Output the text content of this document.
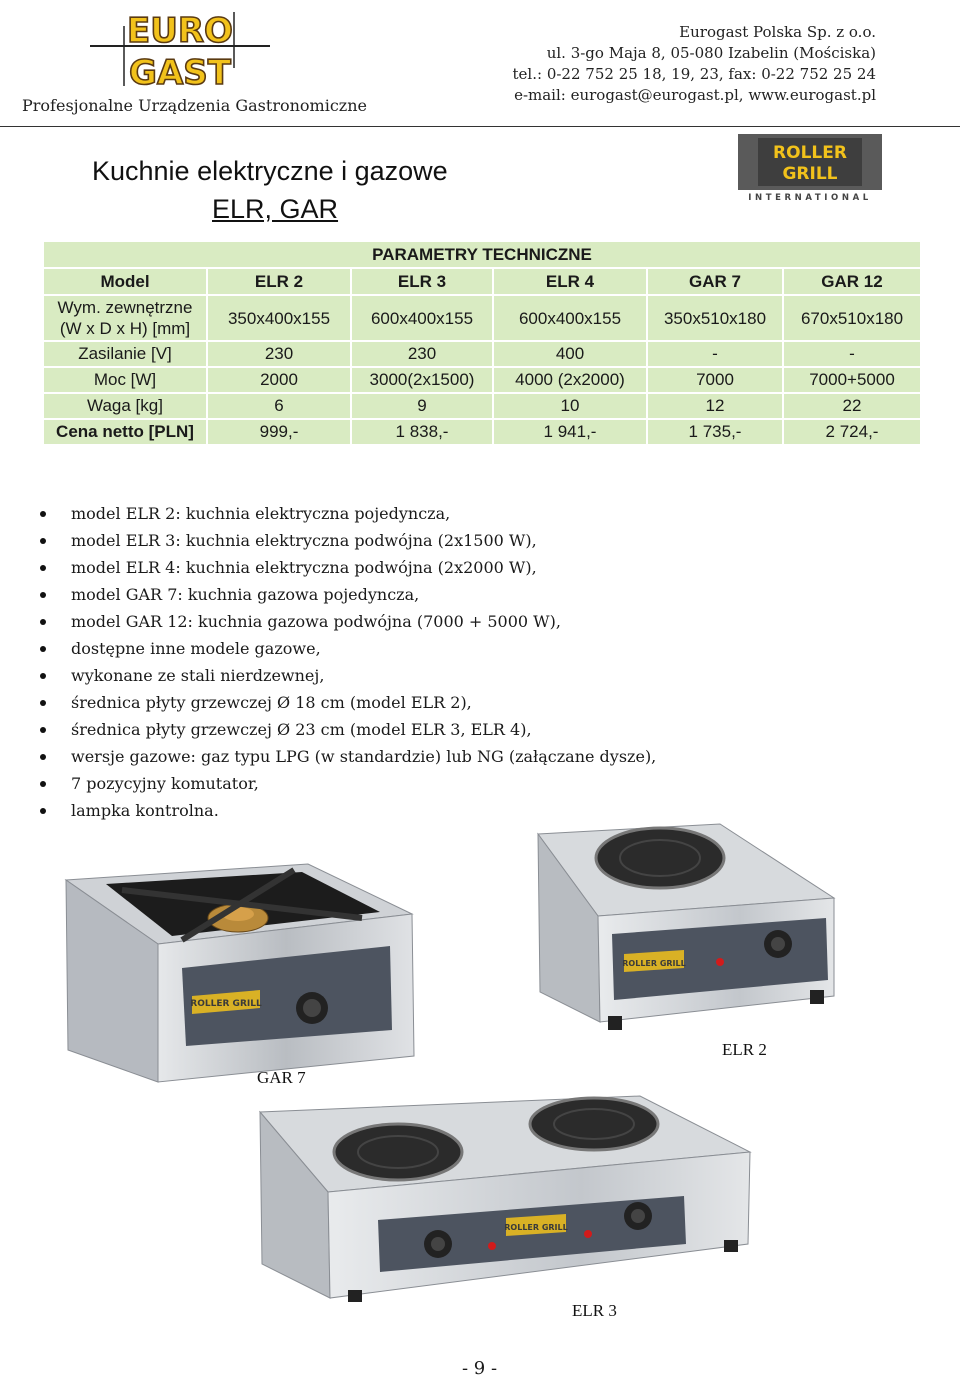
EURO
GAST
Profesjonalne Urządzenia Gastronomiczne
Eurogast Polska Sp. z o.o.
ul. 3-go Maja 8, 05-080 Izabelin (Mościska)
tel.: 0-22 752 25 18, 19, 23, fax: 0-22 752 25 24
e-mail: eurogast@eurogast.pl, www.eurogast.pl
Kuchnie elektryczne i gazowe
ELR, GAR
ROLLER
GRILL
INTERNATIONAL
PARAMETRY TECHNICZNE					
Model	ELR 2	ELR 3	ELR 4	GAR 7	GAR 12

Wym. zewnętrzne
(W x D x H) [mm]	350x400x155	600x400x155	600x400x155	350x510x180	670x510x180
Zasilanie [V]	230	230	400	-	-
Moc [W]	2000	3000(2x1500)	4000 (2x2000)	7000	7000+5000
Waga [kg]	6	9	10	12	22
Cena netto [PLN]	999,-	1 838,-	1 941,-	1 735,-	2 724,-
model ELR 2: kuchnia elektryczna pojedyncza,
model ELR 3: kuchnia elektryczna podwójna (2x1500 W),
model ELR 4: kuchnia elektryczna podwójna (2x2000 W),
model GAR 7: kuchnia gazowa pojedyncza,
model GAR 12: kuchnia gazowa podwójna (7000 + 5000 W),
dostępne inne modele gazowe,
wykonane ze stali nierdzewnej,
średnica płyty grzewczej Ø 18 cm (model ELR 2),
średnica płyty grzewczej Ø 23 cm (model ELR 3, ELR 4),
wersje gazowe: gaz typu LPG (w standardzie) lub NG (załączane dysze),
7 pozycyjny komutator,
lampka kontrolna.
ROLLER GRILL
GAR 7
ROLLER GRILL
ELR 2
ROLLER GRILL
ELR 3
- 9 -
